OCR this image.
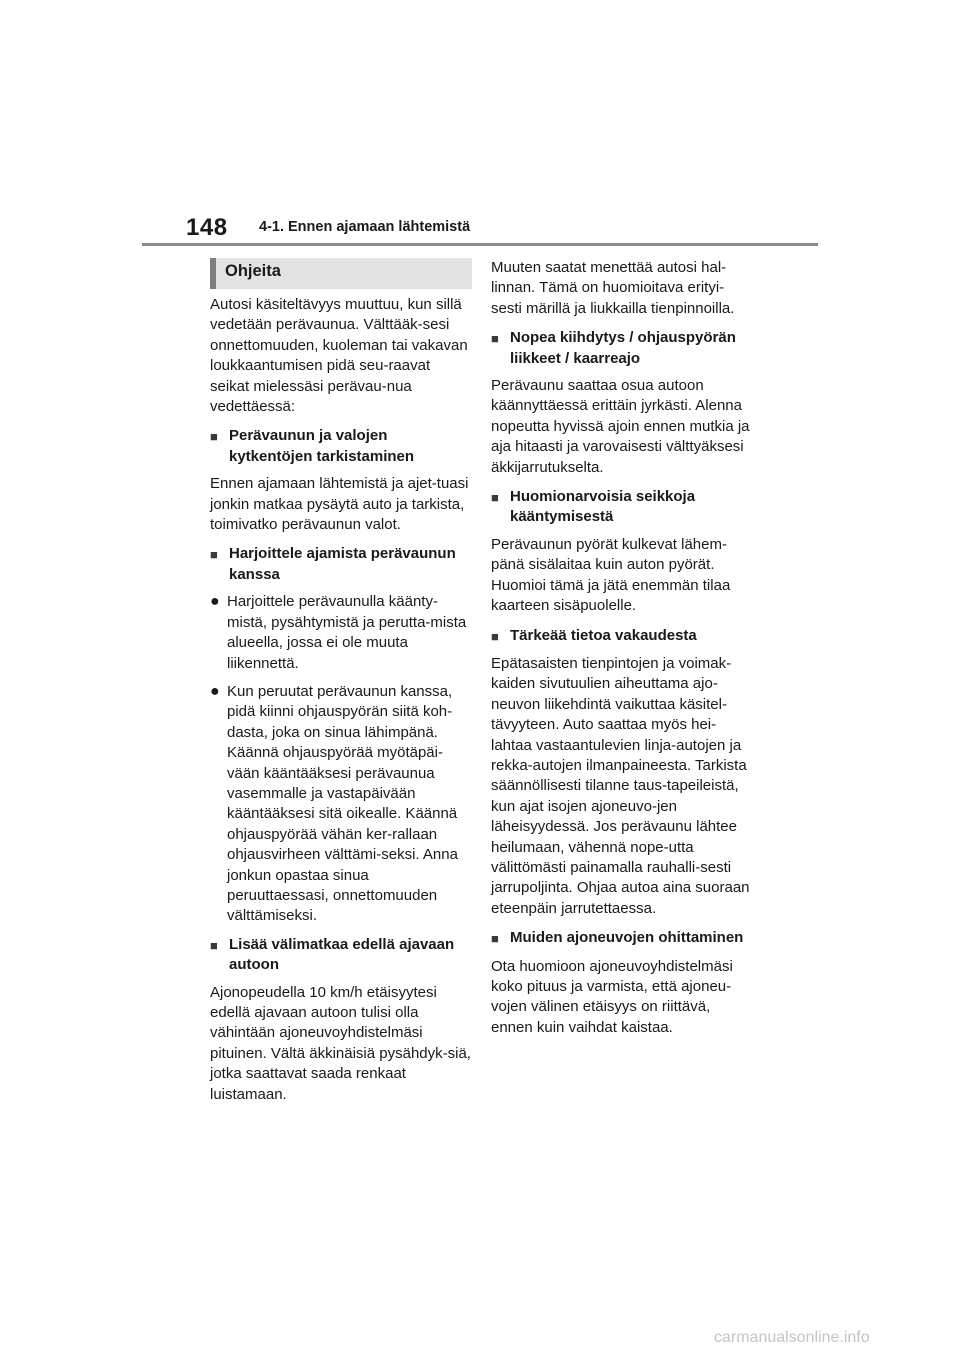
148 4-1. Ennen ajamaan lähtemistä
Ohjeita

Autosi käsiteltävyys muuttuu, kun sillä vedetään perävaunua. Välttääk-sesi onnettomuuden, kuoleman tai vakavan loukkaantumisen pidä seu-raavat seikat mielessäsi perävau-nua vedettäessä:

■ Perävaunun ja valojen kytkentöjen tarkistaminen

Ennen ajamaan lähtemistä ja ajet-tuasi jonkin matkaa pysäytä auto ja tarkista, toimivatko perävaunun valot.

■ Harjoittele ajamista perävaunun kanssa
● Harjoittele perävaunulla käänty-mistä, pysähtymistä ja perutta-mista alueella, jossa ei ole muuta liikennettä.
● Kun peruutat perävaunun kanssa, pidä kiinni ohjauspyörän siitä koh-dasta, joka on sinua lähimpänä. Käännä ohjauspyörää myötäpäi-vään kääntääksesi perävaunua vasemmalle ja vastapäivään kääntääksesi sitä oikealle. Käännä ohjauspyörää vähän ker-rallaan ohjausvirheen välttämi-seksi. Anna jonkun opastaa sinua peruuttaessasi, onnettomuuden välttämiseksi.
■ Lisää välimatkaa edellä ajavaan autoon

Ajonopeudella 10 km/h etäisyytesi edellä ajavaan autoon tulisi olla vähintään ajoneuvoyhdistelmäsi pituinen. Vältä äkkinäisiä pysähdyk-siä, jotka saattavat saada renkaat luistamaan.

Muuten saatat menettää autosi hal-linnan. Tämä on huomioitava erityi-sesti märillä ja liukkailla tienpinnoilla.

■ Nopea kiihdytys / ohjauspyörän liikkeet / kaarreajo

Perävaunu saattaa osua autoon käännyttäessä erittäin jyrkästi. Alenna nopeutta hyvissä ajoin ennen mutkia ja aja hitaasti ja varovaisesti välttyäksesi äkkijarrutukselta.

■ Huomionarvoisia seikkoja kääntymisestä

Perävaunun pyörät kulkevat lähem-pänä sisälaitaa kuin auton pyörät. Huomioi tämä ja jätä enemmän tilaa kaarteen sisäpuolelle.

■ Tärkeää tietoa vakaudesta

Epätasaisten tienpintojen ja voimak-kaiden sivutuulien aiheuttama ajo-neuvon liikehdintä vaikuttaa käsitel-tävyyteen. Auto saattaa myös hei-lahtaa vastaantulevien linja-autojen ja rekka-autojen ilmanpaineesta. Tarkista säännöllisesti tilanne taus-tapeileistä, kun ajat isojen ajoneuvo-jen läheisyydessä. Jos perävaunu lähtee heilumaan, vähennä nope-utta välittömästi painamalla rauhalli-sesti jarrupoljinta. Ohjaa autoa aina suoraan eteenpäin jarrutettaessa.

■ Muiden ajoneuvojen ohittaminen

Ota huomioon ajoneuvoyhdistelmäsi koko pituus ja varmista, että ajoneu-vojen välinen etäisyys on riittävä, ennen kuin vaihdat kaistaa.

carmanualsonline.info
